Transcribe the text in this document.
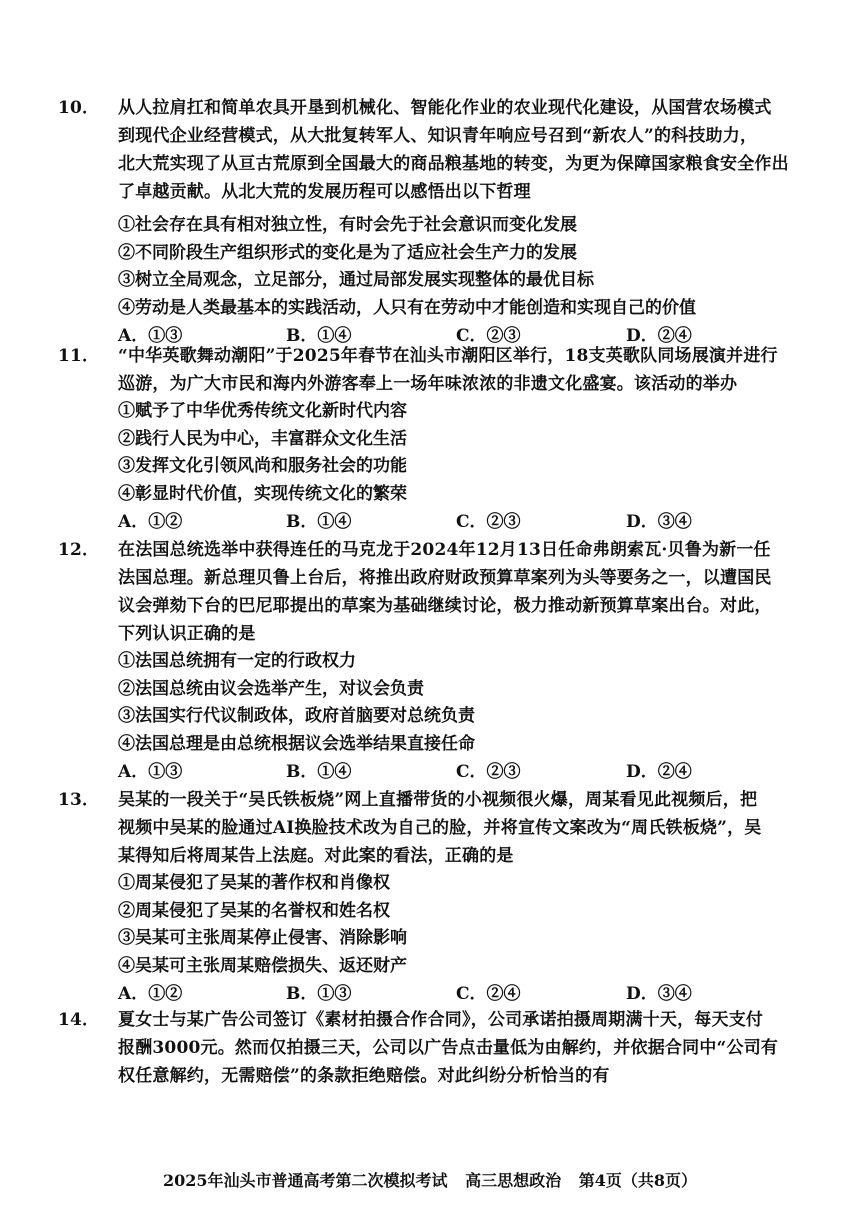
10． 从人拉肩扛和简单农具开垦到机械化、智能化作业的农业现代化建设，从国营农场模式
到现代企业经营模式，从大批复转军人、知识青年响应号召到“新农人”的科技助力，
北大荒实现了从亘古荒原到全国最大的商品粮基地的转变，为更为保障国家粮食安全作出
了卓越贡献。从北大荒的发展历程可以感悟出以下哲理
①社会存在具有相对独立性，有时会先于社会意识而变化发展
②不同阶段生产组织形式的变化是为了适应社会生产力的发展
③树立全局观念，立足部分，通过局部发展实现整体的最优目标
④劳动是人类最基本的实践活动，人只有在劳动中才能创造和实现自己的价值
A．①③	B．①④	C．②③	D．②④
11． “中华英歌舞动潮阳”于2025年春节在汕头市潮阳区举行，18支英歌队同场展演并进行
巡游，为广大市民和海内外游客奉上一场年味浓浓的非遗文化盛宴。该活动的举办
①赋予了中华优秀传统文化新时代内容
②践行人民为中心，丰富群众文化生活
③发挥文化引领风尚和服务社会的功能
④彰显时代价值，实现传统文化的繁荣
A．①②	B．①④	C．②③	D．③④
12． 在法国总统选举中获得连任的马克龙于2024年12月13日任命弗朗索瓦·贝鲁为新一任
法国总理。新总理贝鲁上台后，将推出政府财政预算草案列为头等要务之一，以遭国民
议会弹劾下台的巴尼耶提出的草案为基础继续讨论，极力推动新预算草案出台。对此，
下列认识正确的是
①法国总统拥有一定的行政权力
②法国总统由议会选举产生，对议会负责
③法国实行代议制政体，政府首脑要对总统负责
④法国总理是由总统根据议会选举结果直接任命
A．①③	B．①④	C．②③	D．②④
13． 吴某的一段关于“吴氏铁板烧”网上直播带货的小视频很火爆，周某看见此视频后，把
视频中吴某的脸通过AI换脸技术改为自己的脸，并将宣传文案改为“周氏铁板烧”，吴
某得知后将周某告上法庭。对此案的看法，正确的是
①周某侵犯了吴某的著作权和肖像权
②周某侵犯了吴某的名誉权和姓名权
③吴某可主张周某停止侵害、消除影响
④吴某可主张周某赔偿损失、返还财产
A．①②	B．①③	C．②④	D．③④
14． 夏女士与某广告公司签订《素材拍摄合作合同》，公司承诺拍摄周期满十天，每天支付
报酬3000元。然而仅拍摄三天，公司以广告点击量低为由解约，并依据合同中“公司有
权任意解约，无需赔偿”的条款拒绝赔偿。对此纠纷分析恰当的有
2025年汕头市普通高考第二次模拟考试 高三思想政治 第4页（共8页）
